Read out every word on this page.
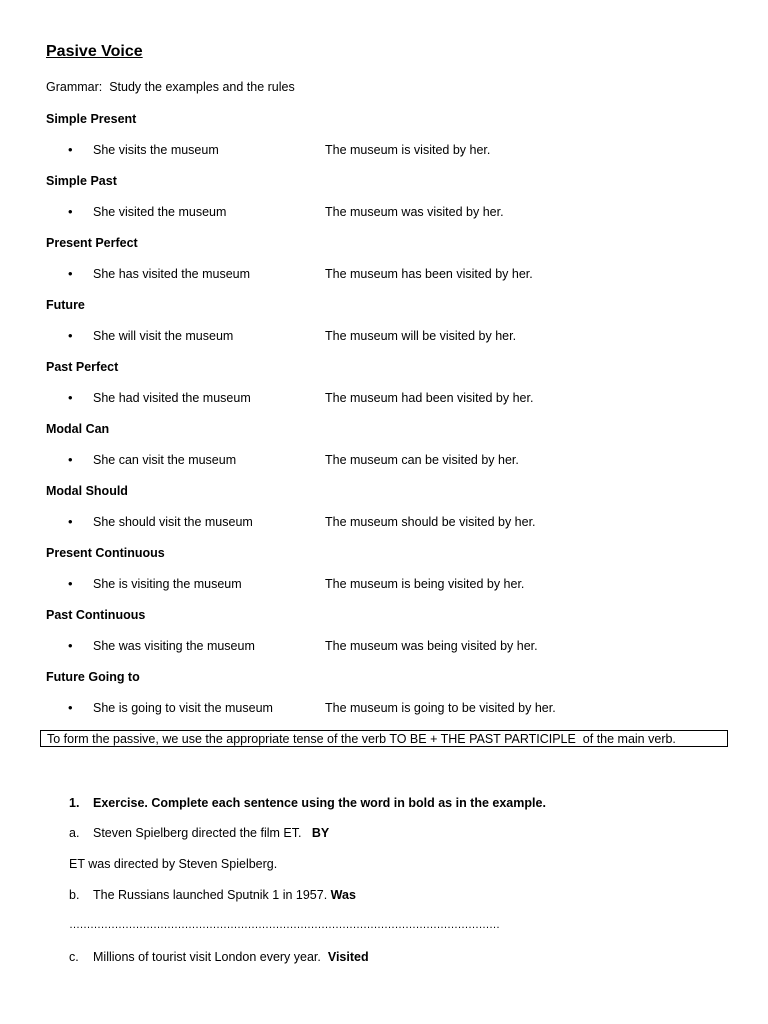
Pasive Voice
Grammar:  Study the examples and the rules
Simple Present
• She visits the museum	The museum is visited by her.
Simple Past
• She visited the museum	The museum was visited by her.
Present Perfect
• She has visited the museum	The museum has been visited by her.
Future
• She will visit the museum	The museum will be visited by her.
Past Perfect
• She had visited the museum	The museum had been visited by her.
Modal Can
• She can visit the museum	The museum can be visited by her.
Modal Should
• She should visit the museum	The museum should be visited by her.
Present Continuous
• She is visiting the museum	The museum is being visited by her.
Past Continuous
• She was visiting the museum	The museum was being visited by her.
Future Going to
• She is going to visit the museum	The museum is going to be visited by her.
To form the passive, we use the appropriate tense of the verb TO BE + THE PAST PARTICIPLE  of the main verb.
1. Exercise. Complete each sentence using the word in bold as in the example.
a. Steven Spielberg directed the film ET. BY
ET was directed by Steven Spielberg.
b. The Russians launched Sputnik 1 in 1957. Was
……………………………………………………………………………………………………………
c. Millions of tourist visit London every year. Visited
